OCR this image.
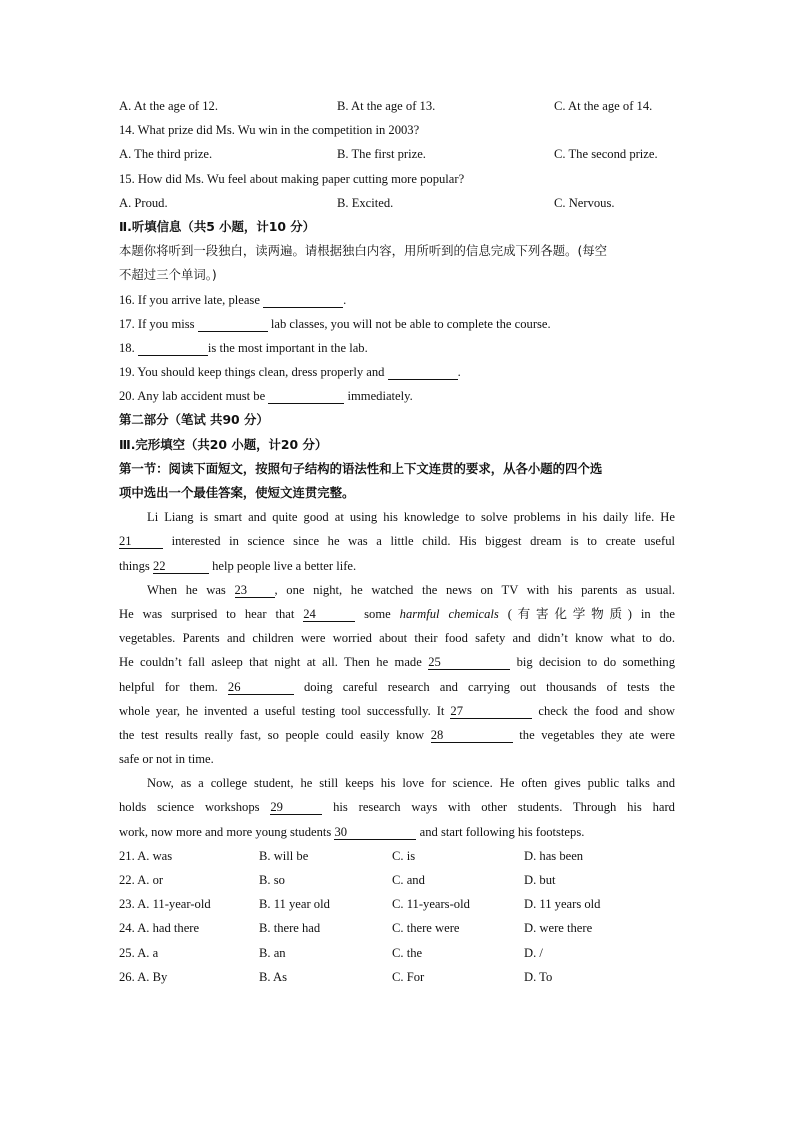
A. At the age of 12.	B. At the age of 13.	C. At the age of 14.
14. What prize did Ms. Wu win in the competition in 2003?
A. The third prize.	B. The first prize.	C. The second prize.
15. How did Ms. Wu feel about making paper cutting more popular?
A. Proud.	B. Excited.	C. Nervous.
Ⅱ.听填信息（共5 小题，计10 分）
本题你将听到一段独白，读两遍。请根据独白内容，用所听到的信息完成下列各题。(每空
不超过三个单词。)
16. If you arrive late, please	.
17. If you miss	lab classes, you will not be able to complete the course.
18.	is the most important in the lab.
19. You should keep things clean, dress properly and	.
20. Any lab accident must be	immediately.
第二部分（笔试 共90 分）
Ⅲ.完形填空（共20 小题，计20 分）
第一节：阅读下面短文，按照句子结构的语法性和上下文连贯的要求，从各小题的四个选
项中选出一个最佳答案，使短文连贯完整。
Li Liang is smart and quite good at using his knowledge to solve problems in his daily life. He
21 interested in science since he was a little child. His biggest dream is to create useful
things 22	help people live a better life.
When he was 23 , one night, he watched the news on TV with his parents as usual.
He was surprised to hear that 24	some harmful chemicals (有害化学物质) in the
vegetables. Parents and children were worried about their food safety and didn’t know what to do.
He couldn’t fall asleep that night at all. Then he made 25	big decision to do something
helpful for them. 26	doing careful research and carrying out thousands of tests the
whole year, he invented a useful testing tool successfully. It 27	check the food and show
the test results really fast, so people could easily know 28	the vegetables they ate were
safe or not in time.
Now, as a college student, he still keeps his love for science. He often gives public talks and
holds science workshops 29	his research ways with other students. Through his hard
work, now more and more young students 30	and start following his footsteps.
21. A. was	B. will be	C. is	D. has been
22. A. or	B. so	C. and	D. but
23. A. 11-year-old	B. 11 year old	C. 11-years-old	D. 11 years old
24. A. had there	B. there had	C. there were	D. were there
25. A. a	B. an	C. the	D. /
26. A. By	B. As	C. For	D. To
